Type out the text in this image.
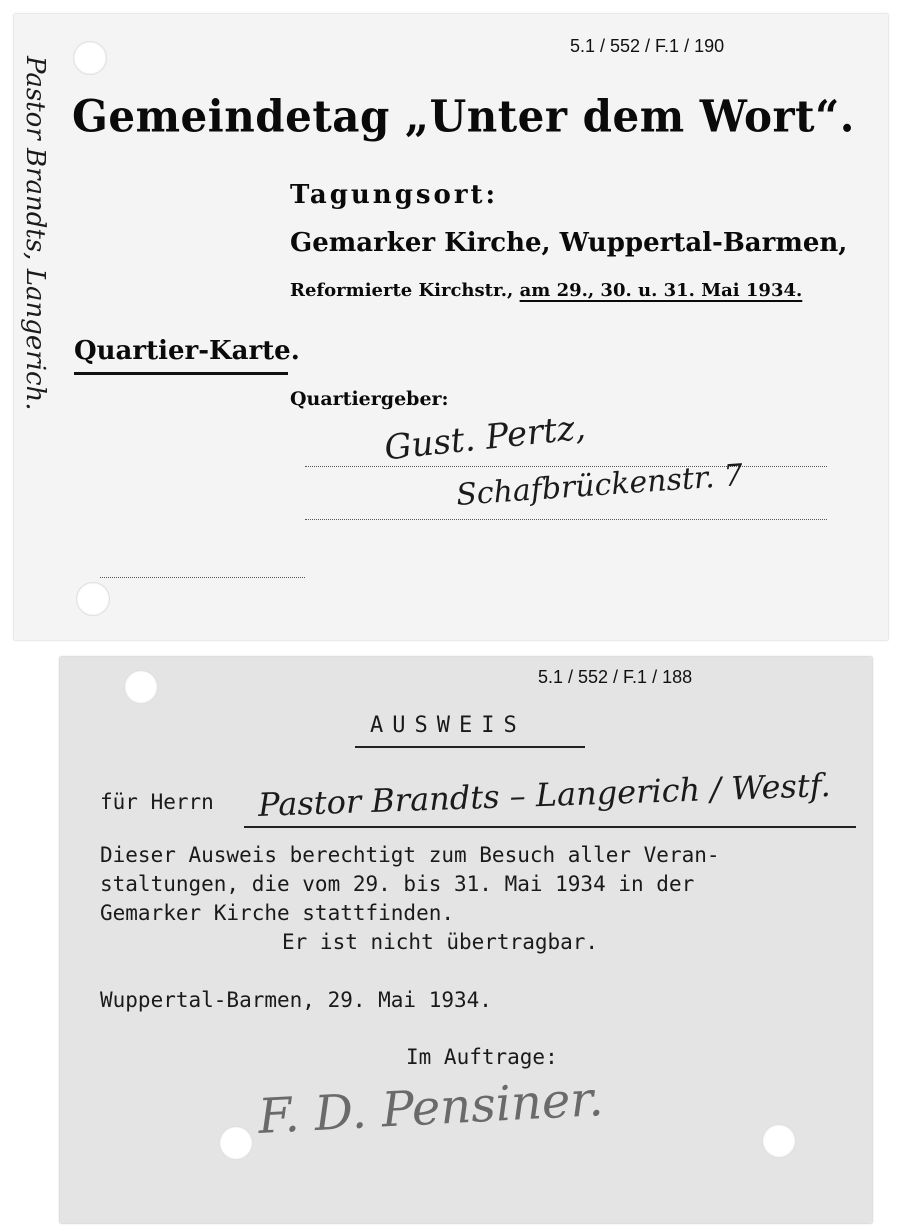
5.1 / 552 / F.1 / 190
Gemeindetag „Unter dem Wort“.
Tagungsort:
Gemarker Kirche, Wuppertal-Barmen,
Reformierte Kirchstr., am 29., 30. u. 31. Mai 1934.
Quartier-Karte.
Quartiergeber:
Gust. Pertz,
Schafbrückenstr. 7
Pastor Brandts, Langerich.
5.1 / 552 / F.1 / 188
AUSWEIS
für Herrn Pastor Brandts – Langerich / Westf.
Dieser Ausweis berechtigt zum Besuch aller Veran-
staltungen, die vom 29. bis 31. Mai 1934 in der
Gemarker Kirche stattfinden.
Er ist nicht übertragbar.
Wuppertal-Barmen, 29. Mai 1934.
Im Auftrage:
F. D. Pensiner.
